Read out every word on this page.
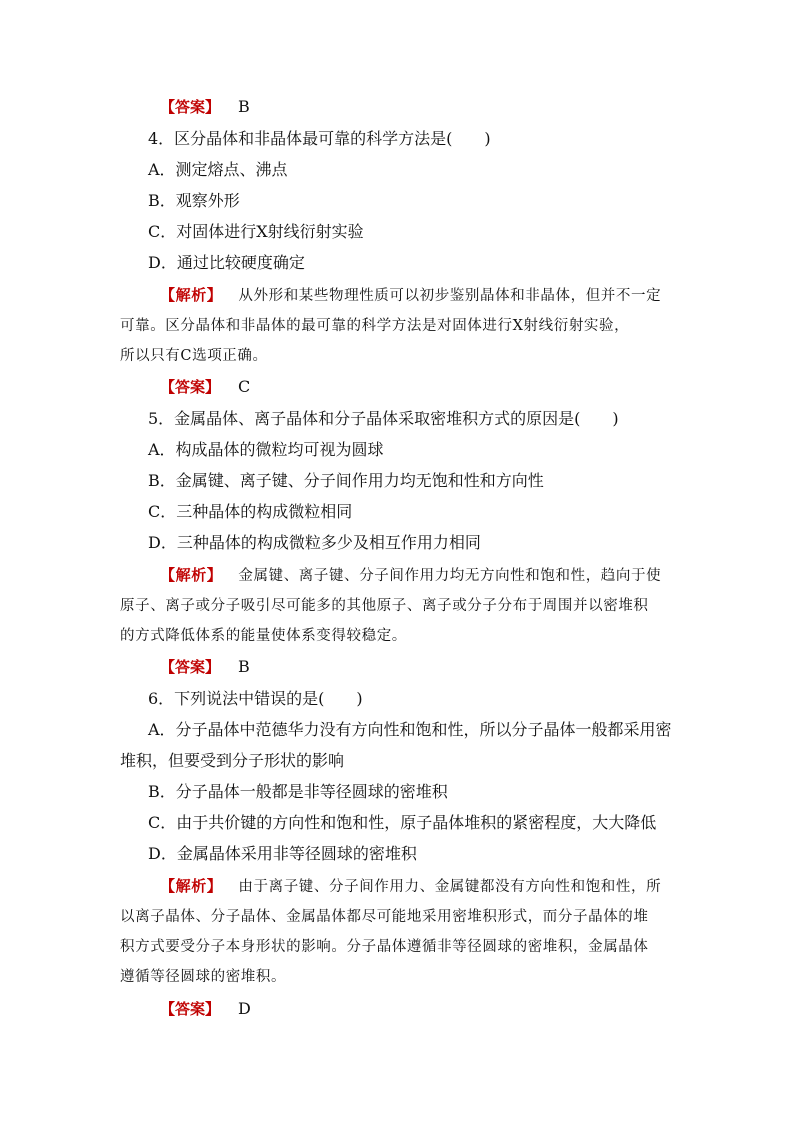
【答案】 B
4．区分晶体和非晶体最可靠的科学方法是(　　)
A．测定熔点、沸点
B．观察外形
C．对固体进行X射线衍射实验
D．通过比较硬度确定
【解析】 从外形和某些物理性质可以初步鉴别晶体和非晶体，但并不一定
可靠。区分晶体和非晶体的最可靠的科学方法是对固体进行X射线衍射实验，
所以只有C选项正确。
【答案】 C
5．金属晶体、离子晶体和分子晶体采取密堆积方式的原因是(　　)
A．构成晶体的微粒均可视为圆球
B．金属键、离子键、分子间作用力均无饱和性和方向性
C．三种晶体的构成微粒相同
D．三种晶体的构成微粒多少及相互作用力相同
【解析】 金属键、离子键、分子间作用力均无方向性和饱和性，趋向于使
原子、离子或分子吸引尽可能多的其他原子、离子或分子分布于周围并以密堆积
的方式降低体系的能量使体系变得较稳定。
【答案】 B
6．下列说法中错误的是(　　)
A．分子晶体中范德华力没有方向性和饱和性，所以分子晶体一般都采用密
堆积，但要受到分子形状的影响
B．分子晶体一般都是非等径圆球的密堆积
C．由于共价键的方向性和饱和性，原子晶体堆积的紧密程度，大大降低
D．金属晶体采用非等径圆球的密堆积
【解析】 由于离子键、分子间作用力、金属键都没有方向性和饱和性，所
以离子晶体、分子晶体、金属晶体都尽可能地采用密堆积形式，而分子晶体的堆
积方式要受分子本身形状的影响。分子晶体遵循非等径圆球的密堆积，金属晶体
遵循等径圆球的密堆积。
【答案】 D
